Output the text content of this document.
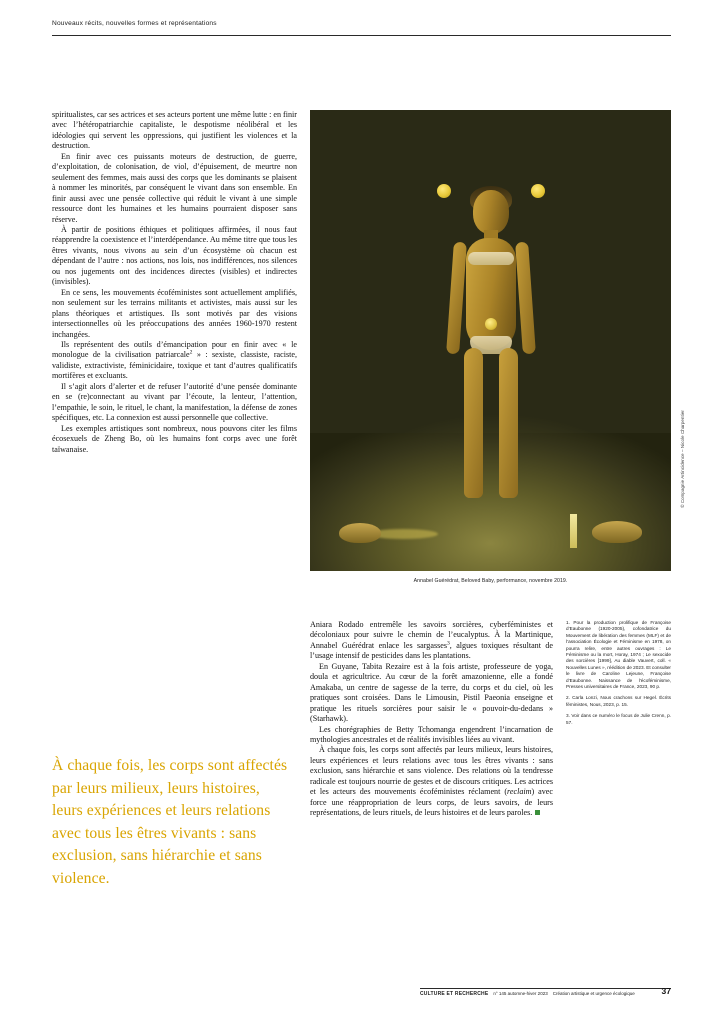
Nouveaux récits, nouvelles formes et représentations

spiritualistes, car ses actrices et ses acteurs portent une même lutte : en finir avec l’hétéropatriarchie capitaliste, le despotisme néolibéral et les idéologies qui servent les oppressions, qui justifient les violences et la destruction.

En finir avec ces puissants moteurs de destruction, de guerre, d’exploitation, de colonisation, de viol, d’épuisement, de meurtre non seulement des femmes, mais aussi des corps que les dominants se plaisent à nommer les minorités, par conséquent le vivant dans son ensemble. En finir aussi avec une pensée collective qui réduit le vivant à une simple ressource dont les humaines et les humains pourraient disposer sans réserve.

À partir de positions éthiques et politiques affirmées, il nous faut réapprendre la coexistence et l’interdépendance. Au même titre que tous les êtres vivants, nous vivons au sein d’un écosystème où chacun est dépendant de l’autre : nos actions, nos lois, nos indifférences, nos silences ou nos jugements ont des incidences directes (visibles) et indirectes (invisibles).

En ce sens, les mouvements écoféministes sont actuellement amplifiés, non seulement sur les terrains militants et activistes, mais aussi sur les plans théoriques et artistiques. Ils sont motivés par des visions intersectionnelles où les préoccupations des années 1960-1970 restent inchangées.

Ils représentent des outils d’émancipation pour en finir avec « le monologue de la civilisation patriarcale$^2$ » : sexiste, classiste, raciste, validiste, extractiviste, féminicidaire, toxique et tant d’autres qualificatifs mortifères et excluants.

Il s’agit alors d’alerter et de refuser l’autorité d’une pensée dominante en se (re)connectant au vivant par l’écoute, la lenteur, l’attention, l’empathie, le soin, le rituel, le chant, la manifestation, la défense de zones spécifiques, etc. La connexion est aussi personnelle que collective.

Les exemples artistiques sont nombreux, nous pouvons citer les films écosexuels de Zheng Bo, où les humains font corps avec une forêt taïwanaise.	© Compagnie Artincidence – Nicole Charpentier
Annabel Guérédrat, Beloved Baby, performance, novembre 2019.

Aniara Rodado entremêle les savoirs sorcières, cyberféministes et décoloniaux pour suivre le chemin de l’eucalyptus. À la Martinique, Annabel Guérédrat enlace les sargasses$^3$, algues toxiques résultant de l’usage intensif de pesticides dans les plantations.

En Guyane, Tabita Rezaire est à la fois artiste, professeure de yoga, doula et agricultrice. Au cœur de la forêt amazonienne, elle a fondé Amakaba, un centre de sagesse de la terre, du corps et du ciel, où les pratiques sont croisées. Dans le Limousin, Pistil Paeonia enseigne et pratique les rituels sorcières pour saisir le « pouvoir-du-dedans » (Starhawk).

Les chorégraphies de Betty Tchomanga engendrent l’incarnation de mythologies ancestrales et de réalités invisibles liées au vivant.

À chaque fois, les corps sont affectés par leurs milieux, leurs histoires, leurs expériences et leurs relations avec tous les êtres vivants : sans exclusion, sans hiérarchie et sans violence. Des relations où la tendresse radicale est toujours nourrie de gestes et de discours critiques. Les actrices et les acteurs des mouvements écoféministes réclament (reclaim) avec force une réappropriation de leurs corps, de leurs savoirs, de leurs représentations, de leurs rituels, de leurs histoires et de leurs paroles.

À chaque fois, les corps sont affectés par leurs milieux, leurs histoires, leurs expériences et leurs relations avec tous les êtres vivants : sans exclusion, sans hiérarchie et sans violence.

1. Pour la production prolifique de Françoise d’Eaubonne (1920-2005), cofondatrice du Mouvement de libération des femmes (MLF) et de l’association Écologie et Féminisme en 1978, on pourra relire, entre autres ouvrages : Le Féminisme ou la mort, Horay, 1974 ; Le sexocide des sorcières [1999], Au diable Vauvert, coll. « Nouvelles Lunes », réédition de 2023. Et consulter le livre de Caroline Lejeune, Françoise d’Eaubonne. Naissance de l’écoféminisme, Presses universitaires de France, 2023, 90 p.

2. Carla Lonzi, Nous crachons sur Hegel. Écrits féministes, Nous, 2023, p. 15.

3. Voir dans ce numéro le focus de Julie Crenn, p. 57.

CULTURE ET RECHERCHE n° 145 automne-hiver 2023 Création artistique et urgence écologique	37
